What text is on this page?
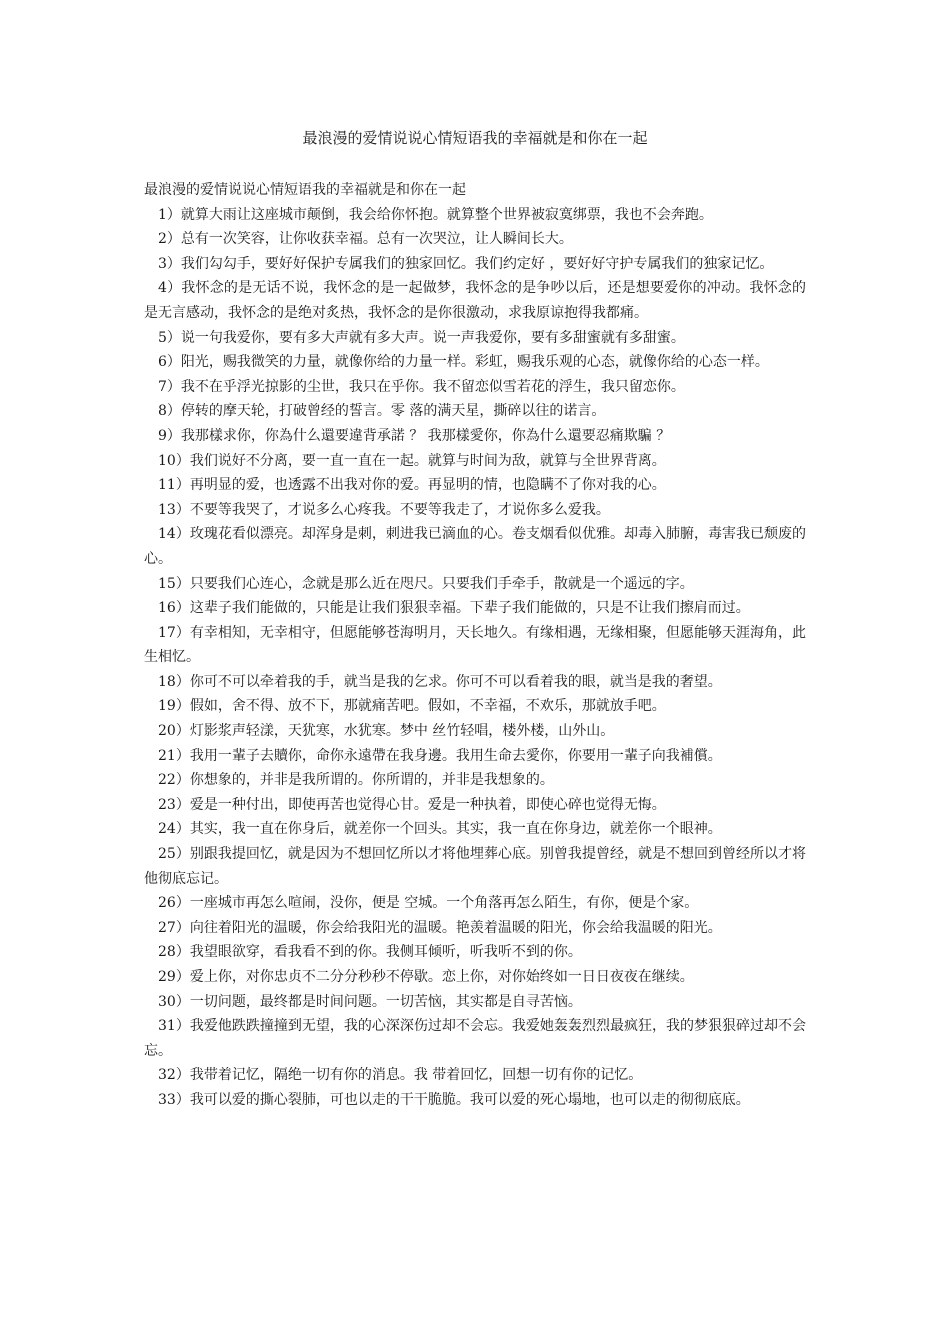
最浪漫的爱情说说心情短语我的幸福就是和你在一起

最浪漫的爱情说说心情短语我的幸福就是和你在一起

1）就算大雨让这座城市颠倒，我会给你怀抱。就算整个世界被寂寞绑票，我也不会奔跑。

2）总有一次笑容，让你收获幸福。总有一次哭泣，让人瞬间长大。

3）我们勾勾手，要好好保护专属我们的独家回忆。我们约定好 ，要好好守护专属我们的独家记忆。

4）我怀念的是无话不说，我怀念的是一起做梦，我怀念的是争吵以后，还是想要爱你的冲动。我怀念的是无言感动，我怀念的是绝对炙热，我怀念的是你很激动，求我原谅抱得我都痛。

5）说一句我爱你，要有多大声就有多大声。说一声我爱你，要有多甜蜜就有多甜蜜。

6）阳光，赐我微笑的力量，就像你给的力量一样。彩虹，赐我乐观的心态，就像你给的心态一样。

7）我不在乎浮光掠影的尘世，我只在乎你。我不留恋似雪若花的浮生，我只留恋你。

8）停转的摩天轮，打破曾经的誓言。零 落的满天星，撕碎以往的诺言。

9）我那樣求你，你為什么還要違背承諾 ？ 我那樣愛你，你為什么還要忍痛欺騙 ？

10）我们说好不分离，要一直一直在一起。就算与时间为敌，就算与全世界背离。

11）再明显的爱，也透露不出我对你的爱。再显明的情，也隐瞒不了你对我的心。

13）不要等我哭了，才说多么心疼我。不要等我走了，才说你多么爱我。

14）玫瑰花看似漂亮。却浑身是刺，刺进我已滴血的心。卷支烟看似优雅。却毒入肺腑，毒害我已颓废的心。

15）只要我们心连心，念就是那么近在咫尺。只要我们手牵手，散就是一个遥远的字。

16）这辈子我们能做的，只能是让我们狠狠幸福。下辈子我们能做的，只是不让我们擦肩而过。

17）有幸相知，无幸相守，但愿能够苍海明月，天长地久。有缘相遇，无缘相聚，但愿能够天涯海角，此生相忆。

18）你可不可以牵着我的手，就当是我的乞求。你可不可以看着我的眼，就当是我的奢望。

19）假如，舍不得、放不下，那就痛苦吧。假如，不幸福，不欢乐，那就放手吧。

20）灯影浆声轻漾，天犹寒，水犹寒。梦中 丝竹轻唱，楼外楼，山外山。

21）我用一輩子去贖你，命你永遠帶在我身邊。我用生命去愛你，你要用一輩子向我補償。

22）你想象的，并非是我所谓的。你所谓的，并非是我想象的。

23）爱是一种付出，即使再苦也觉得心甘。爱是一种执着，即使心碎也觉得无悔。

24）其实，我一直在你身后，就差你一个回头。其实，我一直在你身边，就差你一个眼神。

25）别跟我提回忆，就是因为不想回忆所以才将他埋葬心底。别曾我提曾经，就是不想回到曾经所以才将他彻底忘记。

26）一座城市再怎么喧闹，没你，便是 空城。一个角落再怎么陌生，有你，便是个家。

27）向往着阳光的温暖，你会给我阳光的温暖。艳羡着温暖的阳光，你会给我温暖的阳光。

28）我望眼欲穿，看我看不到的你。我侧耳倾听，听我听不到的你。

29）爱上你，对你忠贞不二分分秒秒不停歇。恋上你，对你始终如一日日夜夜在继续。

30）一切问题，最终都是时间问题。一切苦恼，其实都是自寻苦恼。

31）我爱他跌跌撞撞到无望，我的心深深伤过却不会忘。我爱她轰轰烈烈最疯狂，我的梦狠狠碎过却不会忘。

32）我带着记忆，隔绝一切有你的消息。我 带着回忆，回想一切有你的记忆。

33）我可以爱的撕心裂肺，可也以走的干干脆脆。我可以爱的死心塌地，也可以走的彻彻底底。
